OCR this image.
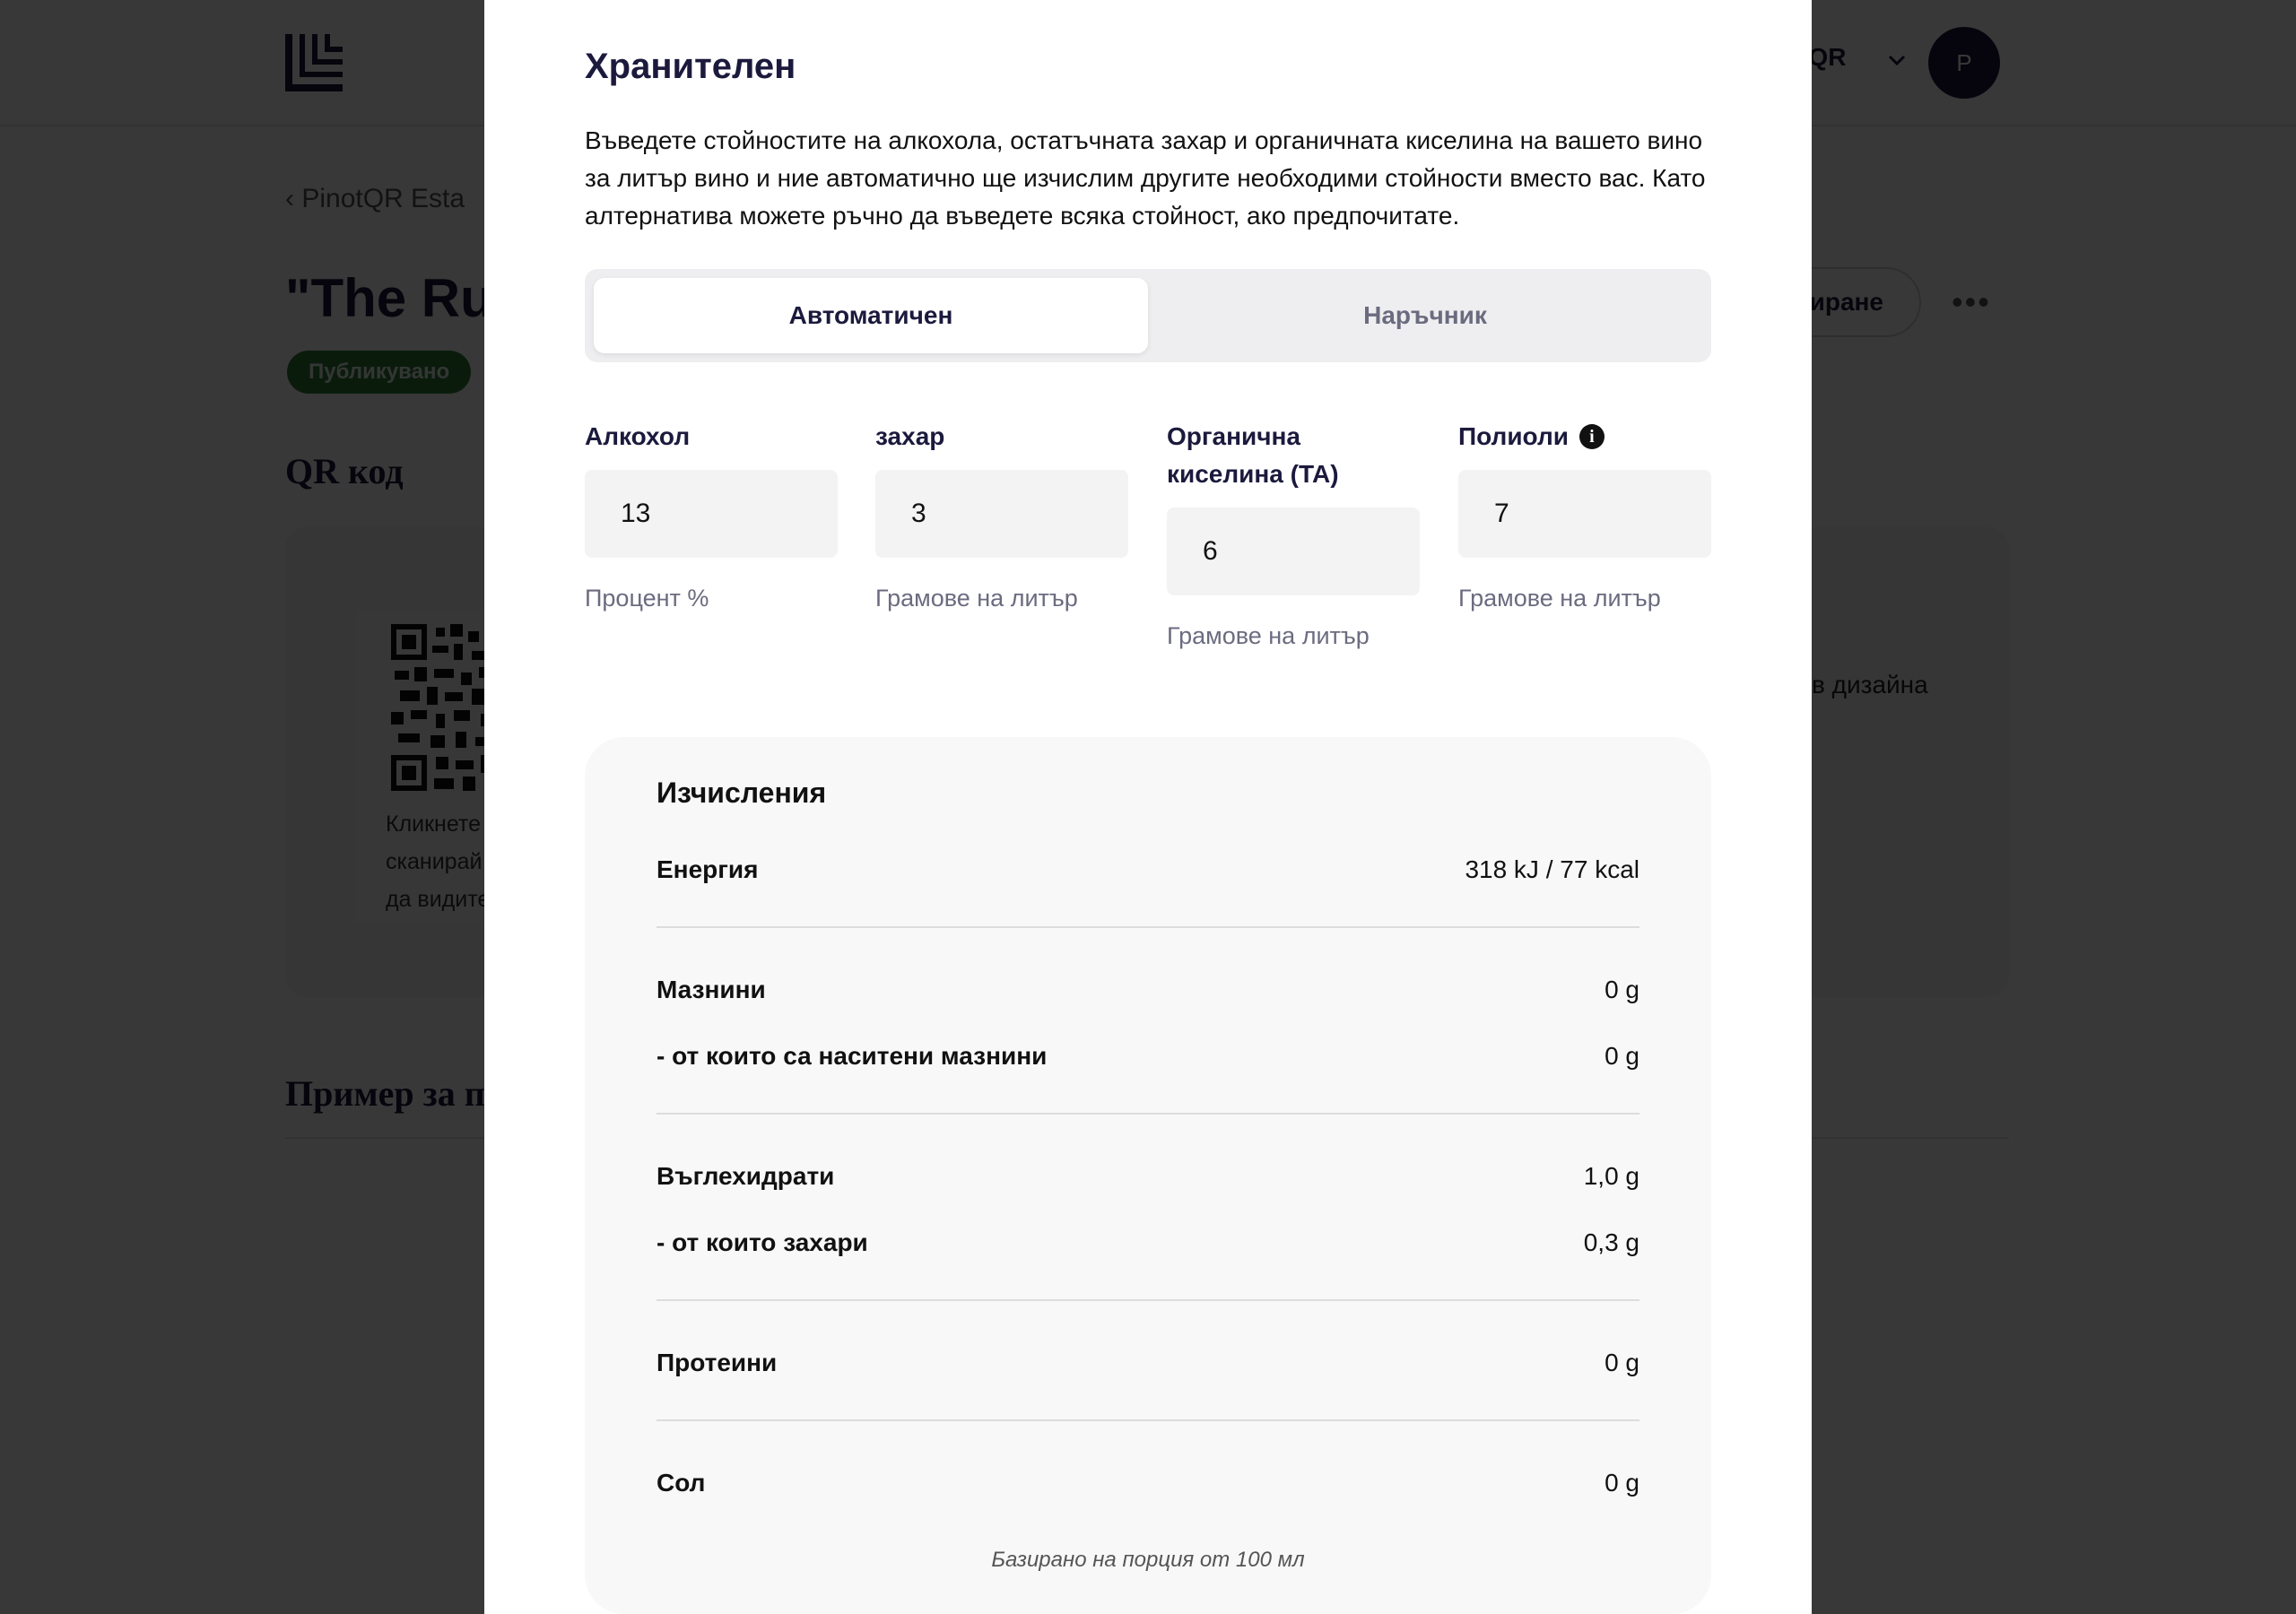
Хранителен
Въведете стойностите на алкохола, остатъчната захар и органичната киселина на вашето вино за литър вино и ние автоматично ще изчислим другите необходими стойности вместо вас. Като алтернатива можете ръчно да въведете всяка стойност, ако предпочитате.
Автоматичен	Наръчник
Алкохол
13
Процент %
захар
3
Грамове на литър
Органична киселина (TA)
6
Грамове на литър
Полиоли	i
7
Грамове на литър
Изчисления
Енергия	318 kJ / 77 kcal
Мазнини	0 g
- от които са наситени мазнини	0 g
Въглехидрати	1,0 g
- от които захари	0,3 g
Протеини	0 g
Сол	0 g
Базирано на порция от 100 мл
